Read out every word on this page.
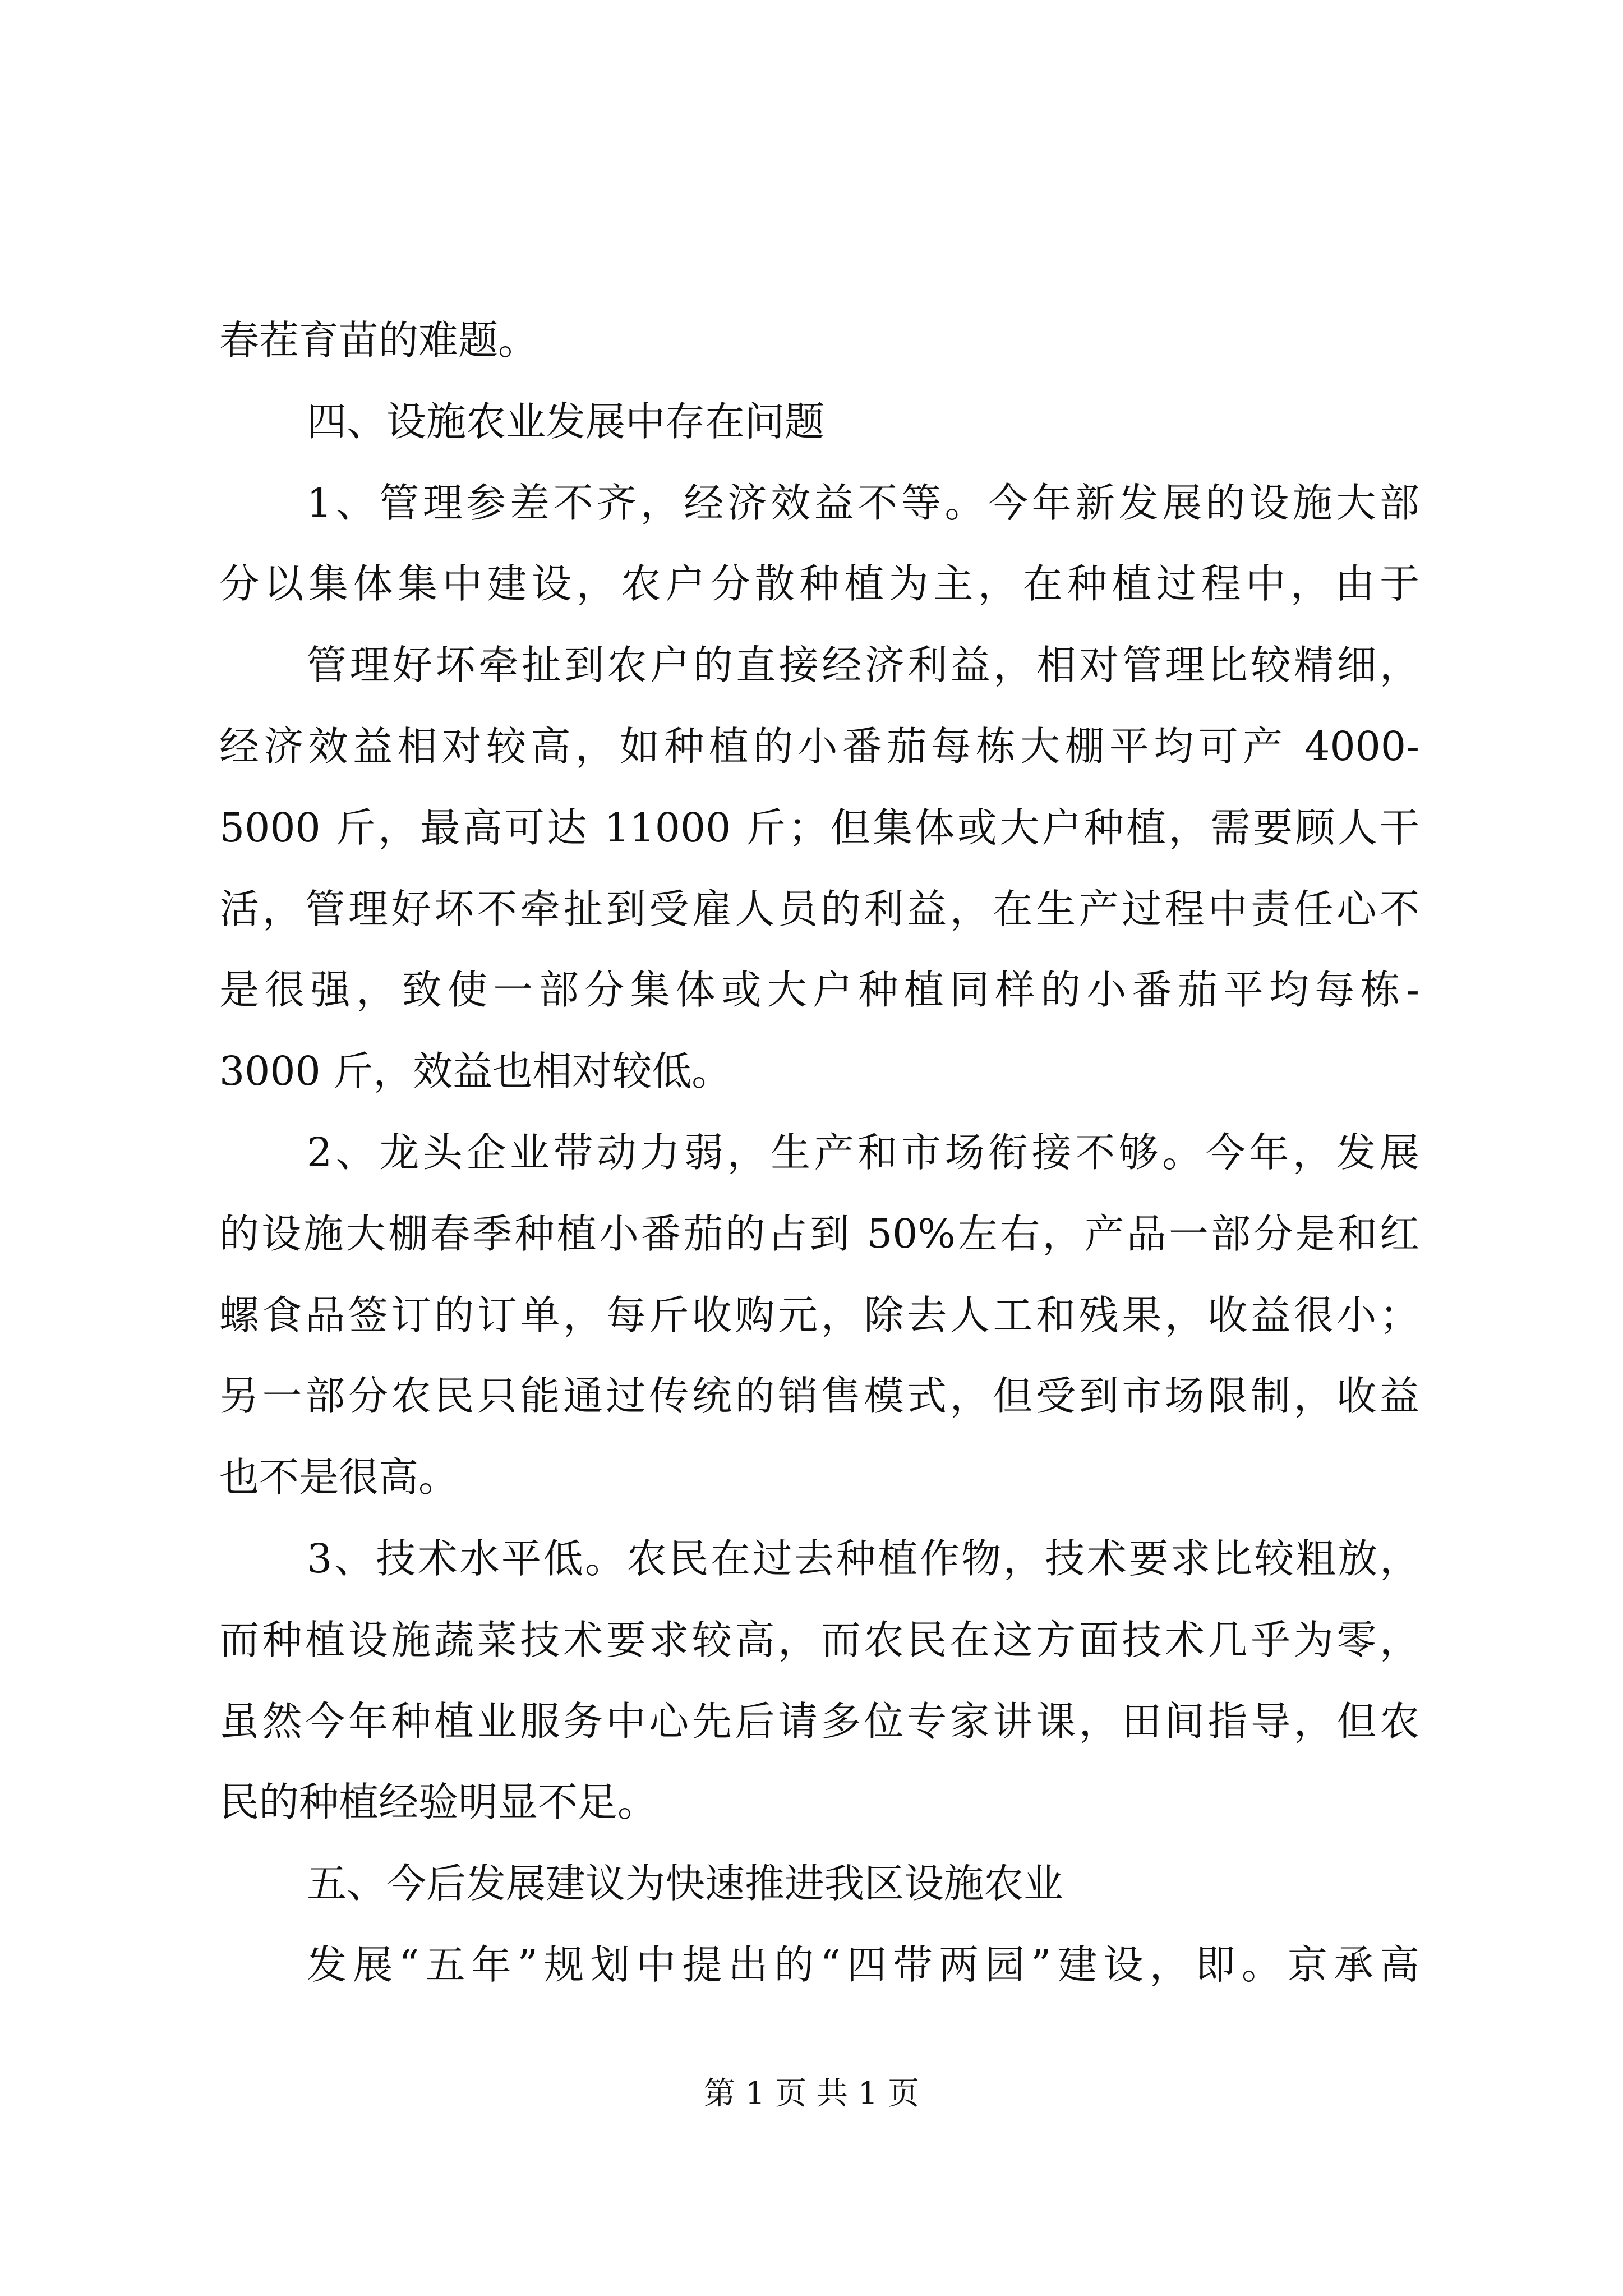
春茬育苗的难题。
四、设施农业发展中存在问题
1、管理参差不齐，经济效益不等。今年新发展的设施大部
分以集体集中建设，农户分散种植为主，在种植过程中，由于
管理好坏牵扯到农户的直接经济利益，相对管理比较精细，
经济效益相对较高，如种植的小番茄每栋大棚平均可产 4000-
5000 斤，最高可达 11000 斤；但集体或大户种植，需要顾人干
活，管理好坏不牵扯到受雇人员的利益，在生产过程中责任心不
是很强，致使一部分集体或大户种植同样的小番茄平均每栋-
3000 斤，效益也相对较低。
2、龙头企业带动力弱，生产和市场衔接不够。今年，发展
的设施大棚春季种植小番茄的占到 50%左右，产品一部分是和红
螺食品签订的订单，每斤收购元，除去人工和残果，收益很小；
另一部分农民只能通过传统的销售模式，但受到市场限制，收益
也不是很高。
3、技术水平低。农民在过去种植作物，技术要求比较粗放，
而种植设施蔬菜技术要求较高，而农民在这方面技术几乎为零，
虽然今年种植业服务中心先后请多位专家讲课，田间指导，但农
民的种植经验明显不足。
五、今后发展建议为快速推进我区设施农业
发展“五年”规划中提出的“四带两园”建设，即。京承高
第 1 页 共 1 页
